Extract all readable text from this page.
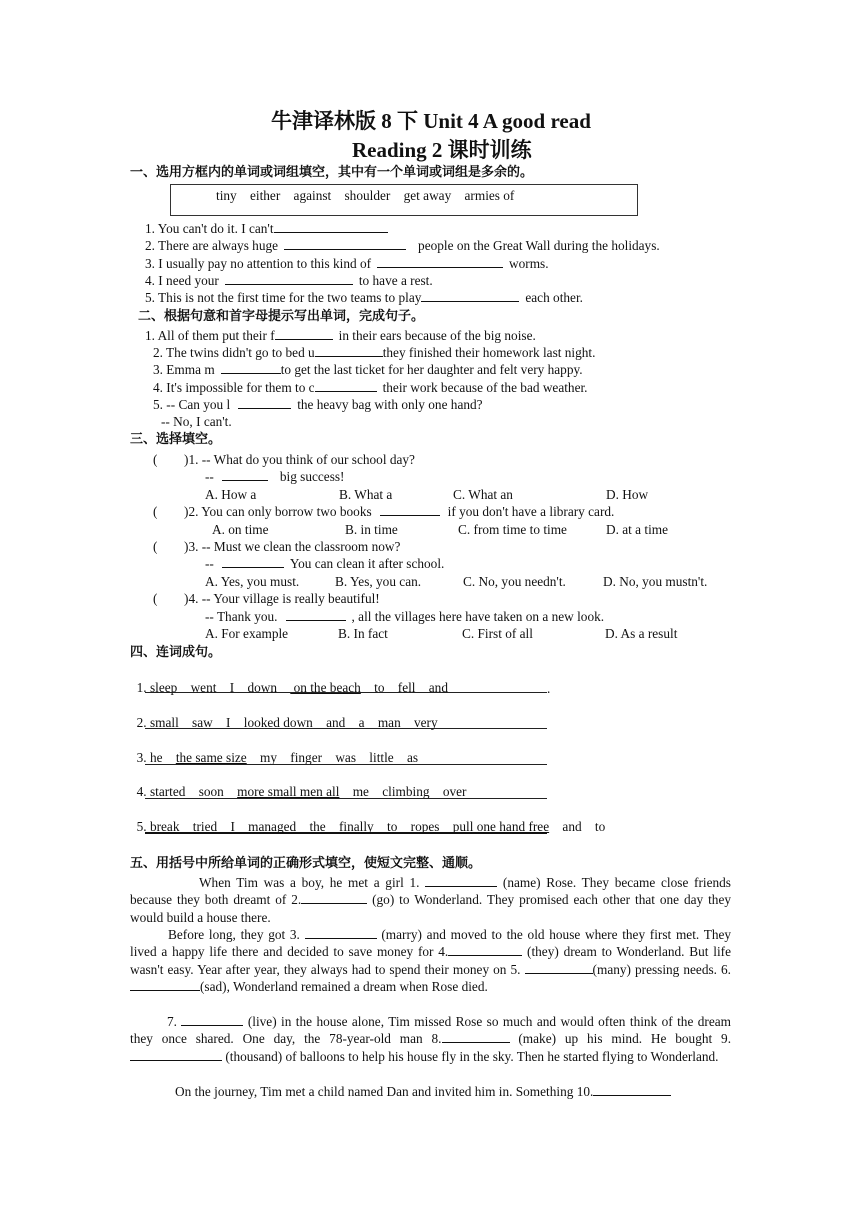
牛津译林版 8 下 Unit 4 A good read
Reading 2 课时训练
一、选用方框内的单词或词组填空，其中有一个单词或词组是多余的。
tiny    either    against    shoulder    get away    armies of
1. You can't do it. I can't
2. There are always huge	people on the Great Wall during the holidays.
3. I usually pay no attention to this kind of	worms.
4. I need your	to have a rest.
5. This is not the first time for the two teams to play	each other.
二、根据句意和首字母提示写出单词，完成句子。
1. All of them put their f	in their ears because of the big noise.
2. The twins didn't go to bed u	they finished their homework last night.
3. Emma m	to get the last ticket for her daughter and felt very happy.
4. It's impossible for them to c	their work because of the bad weather.
5. -- Can you l	the heavy bag with only one hand?
-- No, I can't.
三、选择填空。
(        )1. -- What do you think of our school day?
--	big success!
A. How a	B. What a	C. What an	D. How
(        )2. You can only borrow two books	if you don't have a library card.
A. on time	B. in time	C. from time to time	D. at a time
(        )3. -- Must we clean the classroom now?
--	You can clean it after school.
A. Yes, you must.	B. Yes, you can.	C. No, you needn't.	D. No, you mustn't.
(        )4. -- Your village is really beautiful!
-- Thank you.	, all the villages here have taken on a new look.
A. For example	B. In fact	C. First of all	D. As a result
四、连词成句。

1. sleep    went    I    down     on the beach to    fell    and	.

2. small    saw    I looked down and    a    man    very

3. he the same size my    finger    was    little    as

4. started    soon more small men all me    climbing    over

5. break    tried    I    managed    the    finally    to    ropes pull one hand free and    to

五、用括号中所给单词的正确形式填空，使短文完整、通顺。
When Tim was a boy, he met a girl 1.	(name) Rose. They became close friends because they both dreamt of 2.	(go) to Wonderland. They promised each other that one day they would build a house there.
Before long, they got 3.	(marry) and moved to the old house where they first met. They lived a happy life there and decided to save money for 4.	(they) dream to Wonderland. But life wasn't easy. Year after year, they always had to spend their money on 5.	(many) pressing needs. 6. (sad), Wonderland remained a dream when Rose died.
7.	(live) in the house alone, Tim missed Rose so much and would often think of the dream they once shared. One day, the 78-year-old man 8.	(make) up his mind. He bought 9. (thousand) of balloons to help his house fly in the sky. Then he started flying to Wonderland.
On the journey, Tim met a child named Dan and invited him in. Something 10.
